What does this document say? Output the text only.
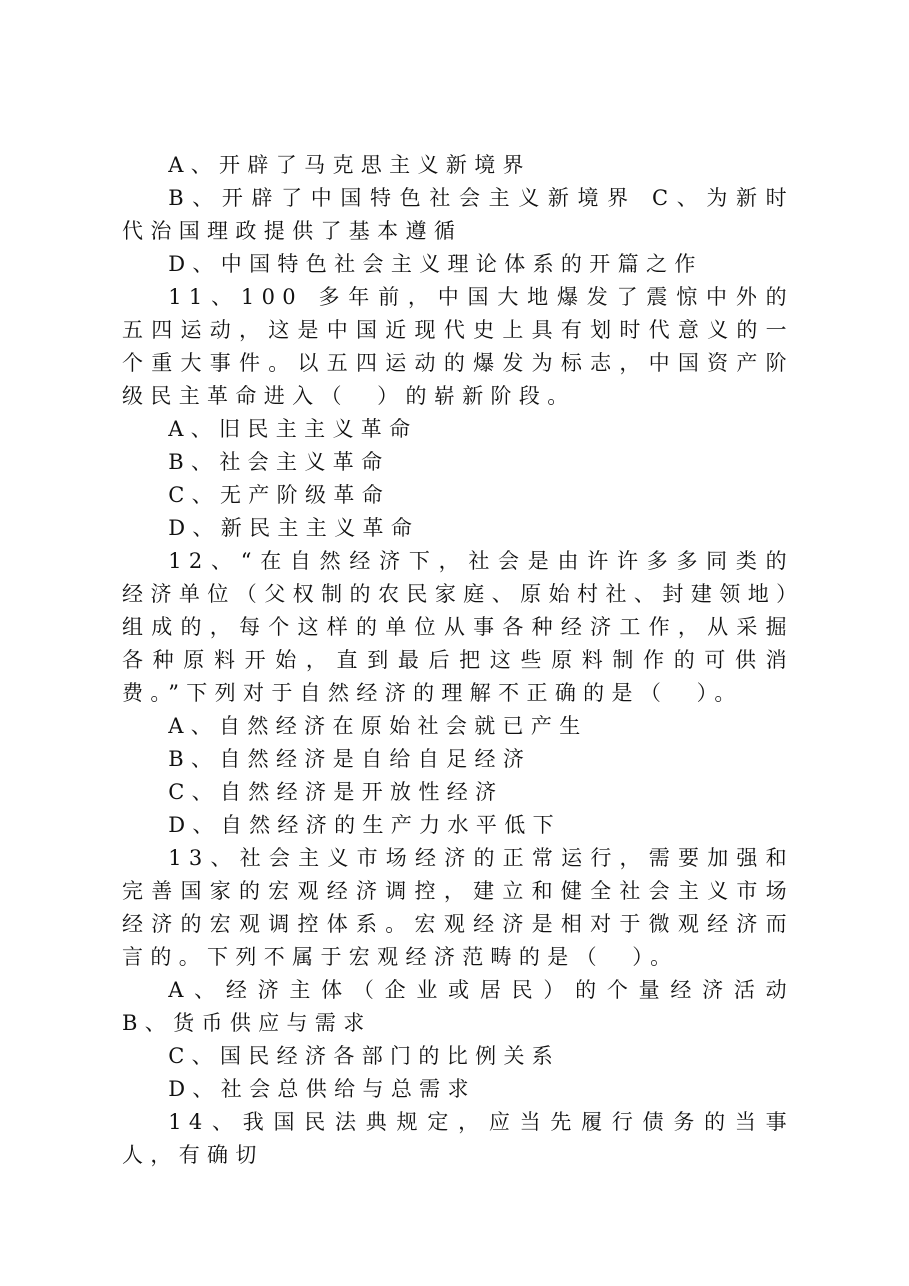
A、开辟了马克思主义新境界

B、开辟了中国特色社会主义新境界 C、为新时代治国理政提供了基本遵循

D、中国特色社会主义理论体系的开篇之作

11、100 多年前，中国大地爆发了震惊中外的五四运动，这是中国近现代史上具有划时代意义的一个重大事件。以五四运动的爆发为标志，中国资产阶级民主革命进入（　）的崭新阶段。

A、旧民主主义革命

B、社会主义革命

C、无产阶级革命

D、新民主主义革命

12、“在自然经济下，社会是由许许多多同类的经济单位（父权制的农民家庭、原始村社、封建领地）组成的，每个这样的单位从事各种经济工作，从采掘各种原料开始，直到最后把这些原料制作的可供消费。”下列对于自然经济的理解不正确的是（　）。

A、自然经济在原始社会就已产生

B、自然经济是自给自足经济

C、自然经济是开放性经济

D、自然经济的生产力水平低下

13、社会主义市场经济的正常运行，需要加强和完善国家的宏观经济调控，建立和健全社会主义市场经济的宏观调控体系。宏观经济是相对于微观经济而言的。下列不属于宏观经济范畴的是（　）。

A、经济主体（企业或居民）的个量经济活动 B、货币供应与需求

C、国民经济各部门的比例关系

D、社会总供给与总需求

14、我国民法典规定，应当先履行债务的当事人，有确切
